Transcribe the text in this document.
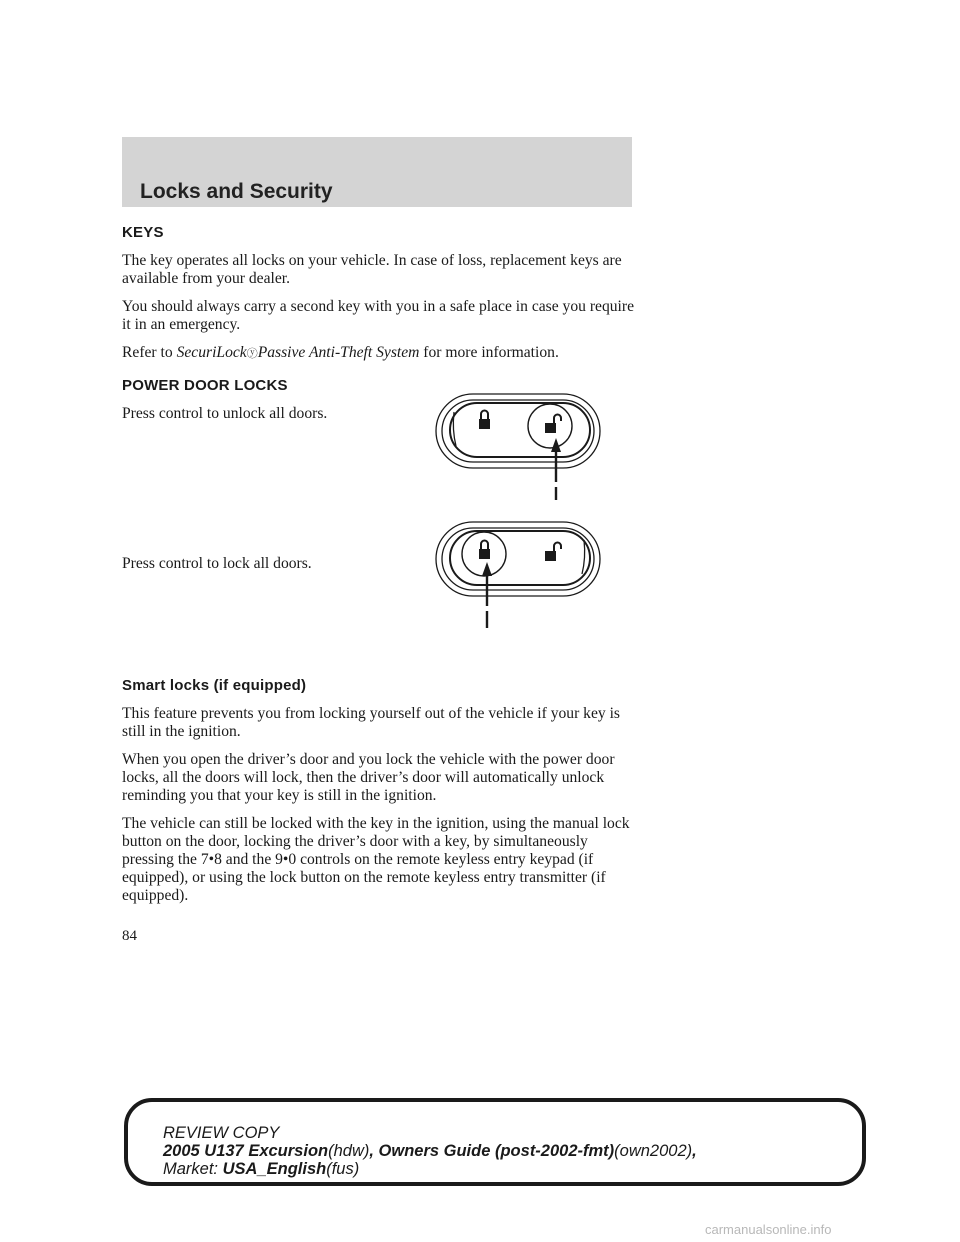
Locks and Security
KEYS

The key operates all locks on your vehicle. In case of loss, replacement keys are available from your dealer.

You should always carry a second key with you in a safe place in case you require it in an emergency.

Refer to SecuriLockⓨPassive Anti-Theft System for more information.

POWER DOOR LOCKS

Press control to unlock all doors.

Press control to lock all doors.

Smart locks (if equipped)

This feature prevents you from locking yourself out of the vehicle if your key is still in the ignition.

When you open the driver’s door and you lock the vehicle with the power door locks, all the doors will lock, then the driver’s door will automatically unlock reminding you that your key is still in the ignition.

The vehicle can still be locked with the key in the ignition, using the manual lock button on the door, locking the driver’s door with a key, by simultaneously pressing the 7•8 and the 9•0 controls on the remote keyless entry keypad (if equipped), or using the lock button on the remote keyless entry transmitter (if equipped).

84
REVIEW COPY
2005 U137 Excursion(hdw), Owners Guide (post-2002-fmt)(own2002),
Market: USA_English(fus)
carmanualsonline.info
